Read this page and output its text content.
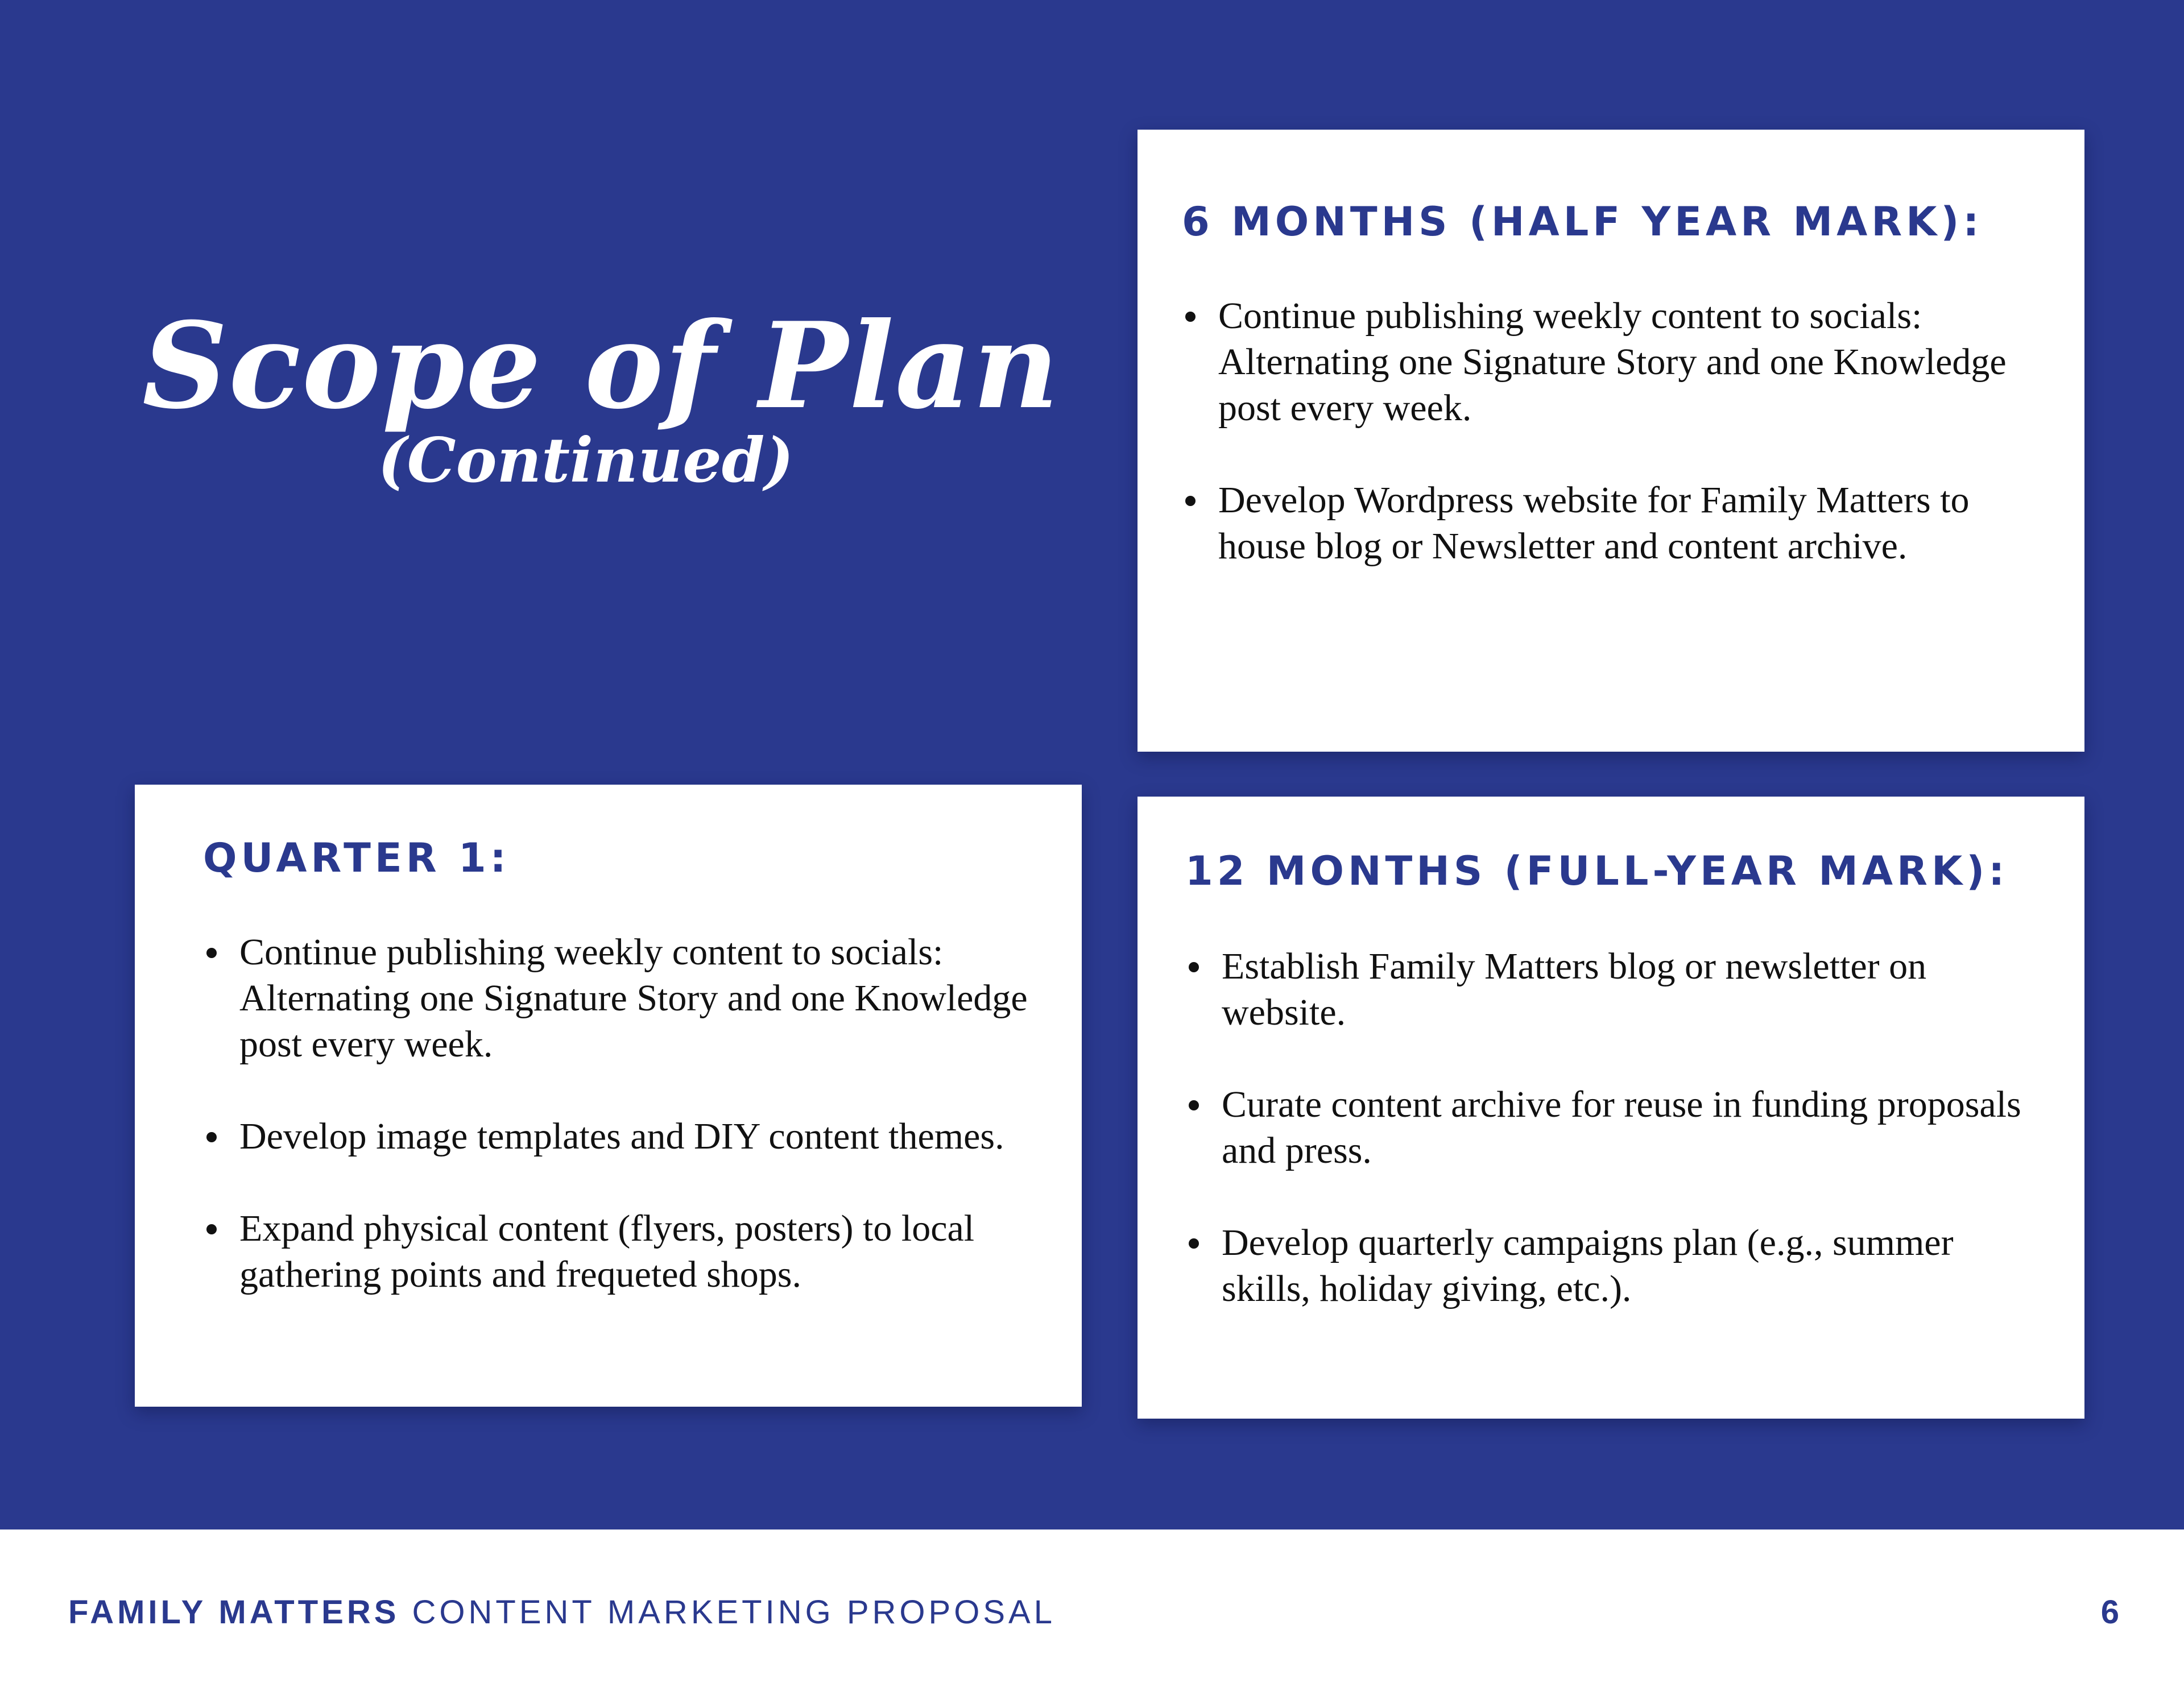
Scope of Plan
(Continued)
6 MONTHS (HALF YEAR MARK):
Continue publishing weekly content to socials: Alternating one Signature Story and one Knowledge post every week.
Develop Wordpress website for Family Matters to house blog or Newsletter and content archive.
QUARTER 1:
Continue publishing weekly content to socials: Alternating one Signature Story and one Knowledge post every week.
Develop image templates and DIY content themes.
Expand physical content (flyers, posters) to local gathering points and frequeted shops.
12 MONTHS (FULL-YEAR MARK):
Establish Family Matters blog or newsletter on website.
Curate content archive for reuse in funding proposals and press.
Develop quarterly campaigns plan (e.g., summer skills, holiday giving, etc.).
FAMILY MATTERS CONTENT MARKETING PROPOSAL	6
